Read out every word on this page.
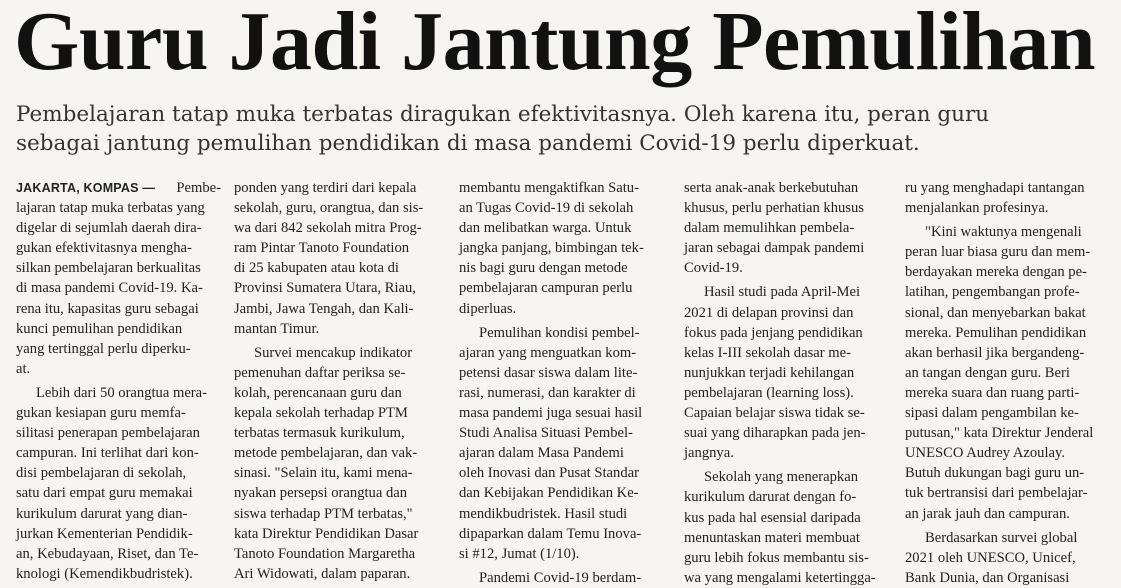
Guru Jadi Jantung Pemulihan
Pembelajaran tatap muka terbatas diragukan efektivitasnya. Oleh karena itu, peran guru
sebagai jantung pemulihan pendidikan di masa pandemi Covid-19 perlu diperkuat.
JAKARTA, KOMPAS — Pembe-
lajaran tatap muka terbatas yang
digelar di sejumlah daerah dira-
gukan efektivitasnya mengha-
silkan pembelajaran berkualitas
di masa pandemi Covid-19. Ka-
rena itu, kapasitas guru sebagai
kunci pemulihan pendidikan
yang tertinggal perlu diperku-
at.
Lebih dari 50 orangtua mera-
gukan kesiapan guru memfa-
silitasi penerapan pembelajaran
campuran. Ini terlihat dari kon-
disi pembelajaran di sekolah,
satu dari empat guru memakai
kurikulum darurat yang dian-
jurkan Kementerian Pendidik-
an, Kebudayaan, Riset, dan Te-
knologi (Kemendikbudristek).
ponden yang terdiri dari kepala
sekolah, guru, orangtua, dan sis-
wa dari 842 sekolah mitra Prog-
ram Pintar Tanoto Foundation
di 25 kabupaten atau kota di
Provinsi Sumatera Utara, Riau,
Jambi, Jawa Tengah, dan Kali-
mantan Timur.
Survei mencakup indikator
pemenuhan daftar periksa se-
kolah, perencanaan guru dan
kepala sekolah terhadap PTM
terbatas termasuk kurikulum,
metode pembelajaran, dan vak-
sinasi. "Selain itu, kami mena-
nyakan persepsi orangtua dan
siswa terhadap PTM terbatas,"
kata Direktur Pendidikan Dasar
Tanoto Foundation Margaretha
Ari Widowati, dalam paparan.
membantu mengaktifkan Satu-
an Tugas Covid-19 di sekolah
dan melibatkan warga. Untuk
jangka panjang, bimbingan tek-
nis bagi guru dengan metode
pembelajaran campuran perlu
diperluas.
Pemulihan kondisi pembel-
ajaran yang menguatkan kom-
petensi dasar siswa dalam lite-
rasi, numerasi, dan karakter di
masa pandemi juga sesuai hasil
Studi Analisa Situasi Pembel-
ajaran dalam Masa Pandemi
oleh Inovasi dan Pusat Standar
dan Kebijakan Pendidikan Ke-
mendikbudristek. Hasil studi
dipaparkan dalam Temu Inova-
si #12, Jumat (1/10).
Pandemi Covid-19 berdam-
serta anak-anak berkebutuhan
khusus, perlu perhatian khusus
dalam memulihkan pembela-
jaran sebagai dampak pandemi
Covid-19.
Hasil studi pada April-Mei
2021 di delapan provinsi dan
fokus pada jenjang pendidikan
kelas I-III sekolah dasar me-
nunjukkan terjadi kehilangan
pembelajaran (learning loss).
Capaian belajar siswa tidak se-
suai yang diharapkan pada jen-
jangnya.
Sekolah yang menerapkan
kurikulum darurat dengan fo-
kus pada hal esensial daripada
menuntaskan materi membuat
guru lebih fokus membantu sis-
wa yang mengalami ketertingga-
ru yang menghadapi tantangan
menjalankan profesinya.
"Kini waktunya mengenali
peran luar biasa guru dan mem-
berdayakan mereka dengan pe-
latihan, pengembangan profe-
sional, dan menyebarkan bakat
mereka. Pemulihan pendidikan
akan berhasil jika bergandeng-
an tangan dengan guru. Beri
mereka suara dan ruang parti-
sipasi dalam pengambilan ke-
putusan," kata Direktur Jenderal
UNESCO Audrey Azoulay.
Butuh dukungan bagi guru un-
tuk bertransisi dari pembelajar-
an jarak jauh dan campuran.
Berdasarkan survei global
2021 oleh UNESCO, Unicef,
Bank Dunia, dan Organisasi
